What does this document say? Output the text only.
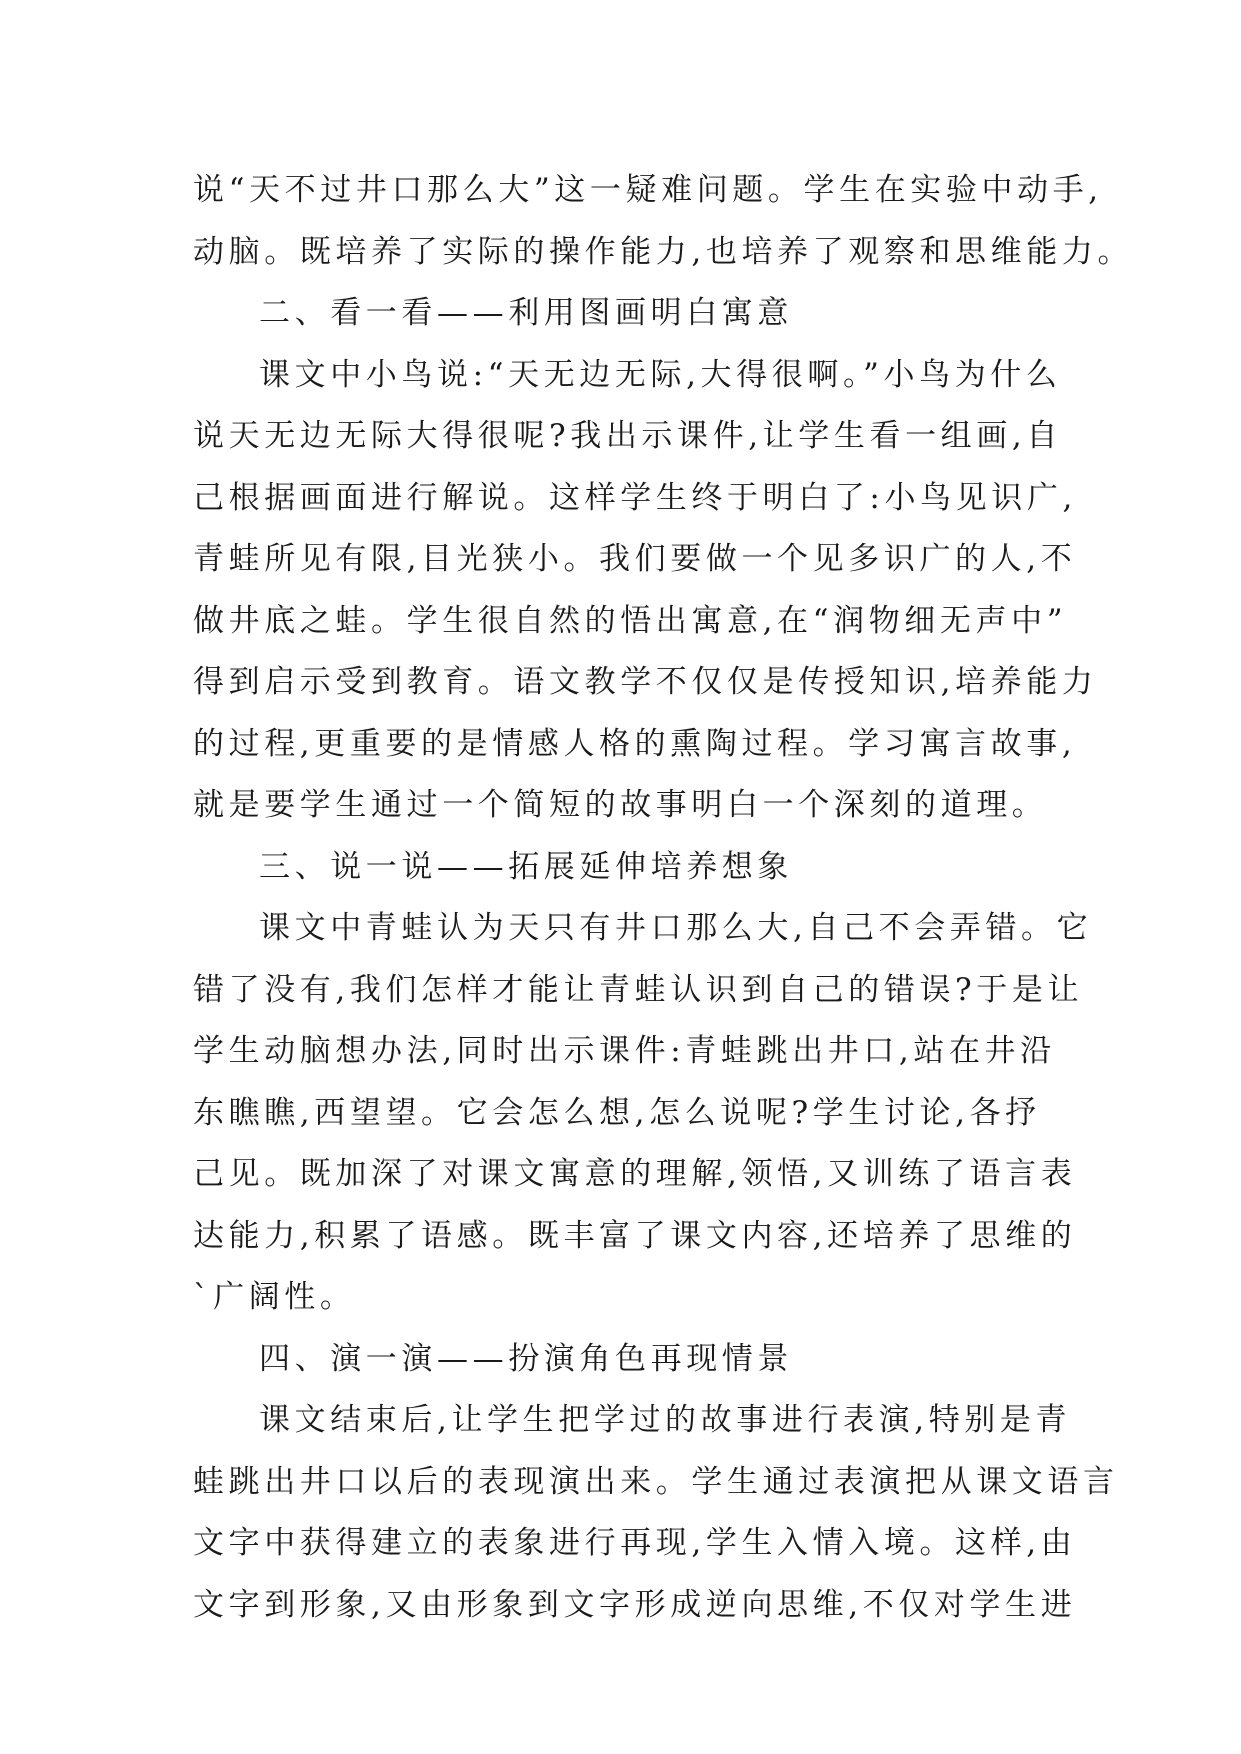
说“天不过井口那么大”这一疑难问题。学生在实验中动手,
动脑。既培养了实际的操作能力,也培养了观察和思维能力。
二、看一看——利用图画明白寓意
课文中小鸟说:“天无边无际,大得很啊。”小鸟为什么
说天无边无际大得很呢?我出示课件,让学生看一组画,自
己根据画面进行解说。这样学生终于明白了:小鸟见识广,
青蛙所见有限,目光狭小。我们要做一个见多识广的人,不
做井底之蛙。学生很自然的悟出寓意,在“润物细无声中”
得到启示受到教育。语文教学不仅仅是传授知识,培养能力
的过程,更重要的是情感人格的熏陶过程。学习寓言故事,
就是要学生通过一个简短的故事明白一个深刻的道理。
三、说一说——拓展延伸培养想象
课文中青蛙认为天只有井口那么大,自己不会弄错。它
错了没有,我们怎样才能让青蛙认识到自己的错误?于是让
学生动脑想办法,同时出示课件:青蛙跳出井口,站在井沿
东瞧瞧,西望望。它会怎么想,怎么说呢?学生讨论,各抒
己见。既加深了对课文寓意的理解,领悟,又训练了语言表
达能力,积累了语感。既丰富了课文内容,还培养了思维的
`广阔性。
四、演一演——扮演角色再现情景
课文结束后,让学生把学过的故事进行表演,特别是青
蛙跳出井口以后的表现演出来。学生通过表演把从课文语言
文字中获得建立的表象进行再现,学生入情入境。这样,由
文字到形象,又由形象到文字形成逆向思维,不仅对学生进
